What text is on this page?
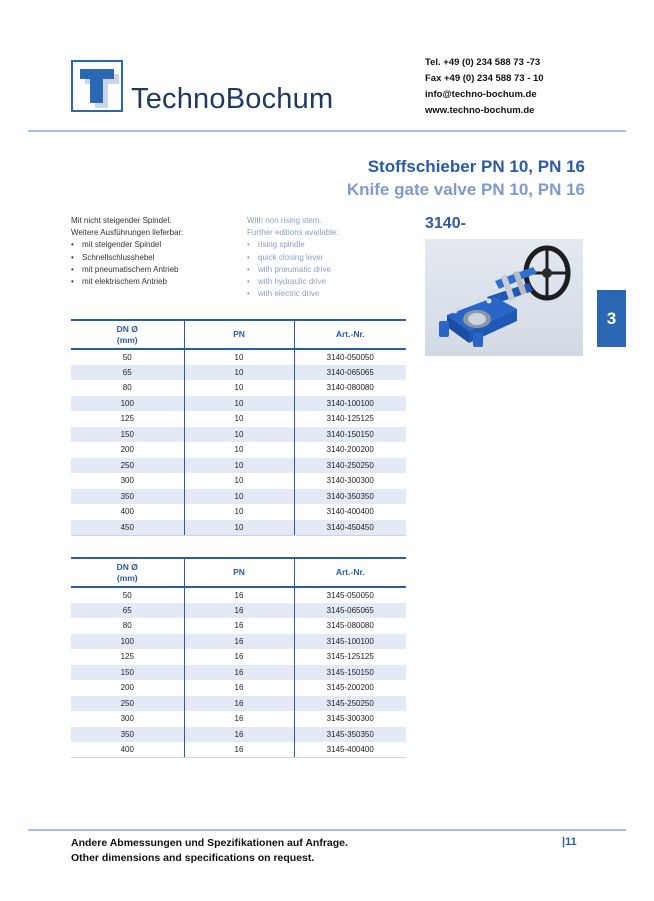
TechnoBochum
Tel. +49 (0) 234 588 73 -73
Fax +49 (0) 234 588 73 - 10
info@techno-bochum.de
www.techno-bochum.de
Stoffschieber PN 10, PN 16
Knife gate valve PN 10, PN 16
Mit nicht steigender Spindel.
Weitere Ausführungen lieferbar:
• mit steigender Spindel
• Schnellschlusshebel
• mit pneumatischem Antrieb
• mit elektrischem Antrieb
With non rising stem.
Further editions available:
• rising spindle
• quick closing lever
• with pneumatic drive
• with hydraulic drive
• with electric drive
3140-
3
DN Ø
(mm)	PN	Art.-Nr.
50	10	3140-050050
65	10	3140-065065
80	10	3140-080080
100	10	3140-100100
125	10	3140-125125
150	10	3140-150150
200	10	3140-200200
250	10	3140-250250
300	10	3140-300300
350	10	3140-350350
400	10	3140-400400
450	10	3140-450450
DN Ø
(mm)	PN	Art.-Nr.
50	16	3145-050050
65	16	3145-065065
80	16	3145-080080
100	16	3145-100100
125	16	3145-125125
150	16	3145-150150
200	16	3145-200200
250	16	3145-250250
300	16	3145-300300
350	16	3145-350350
400	16	3145-400400
Andere Abmessungen und Spezifikationen auf Anfrage.
Other dimensions and specifications on request.
|11
